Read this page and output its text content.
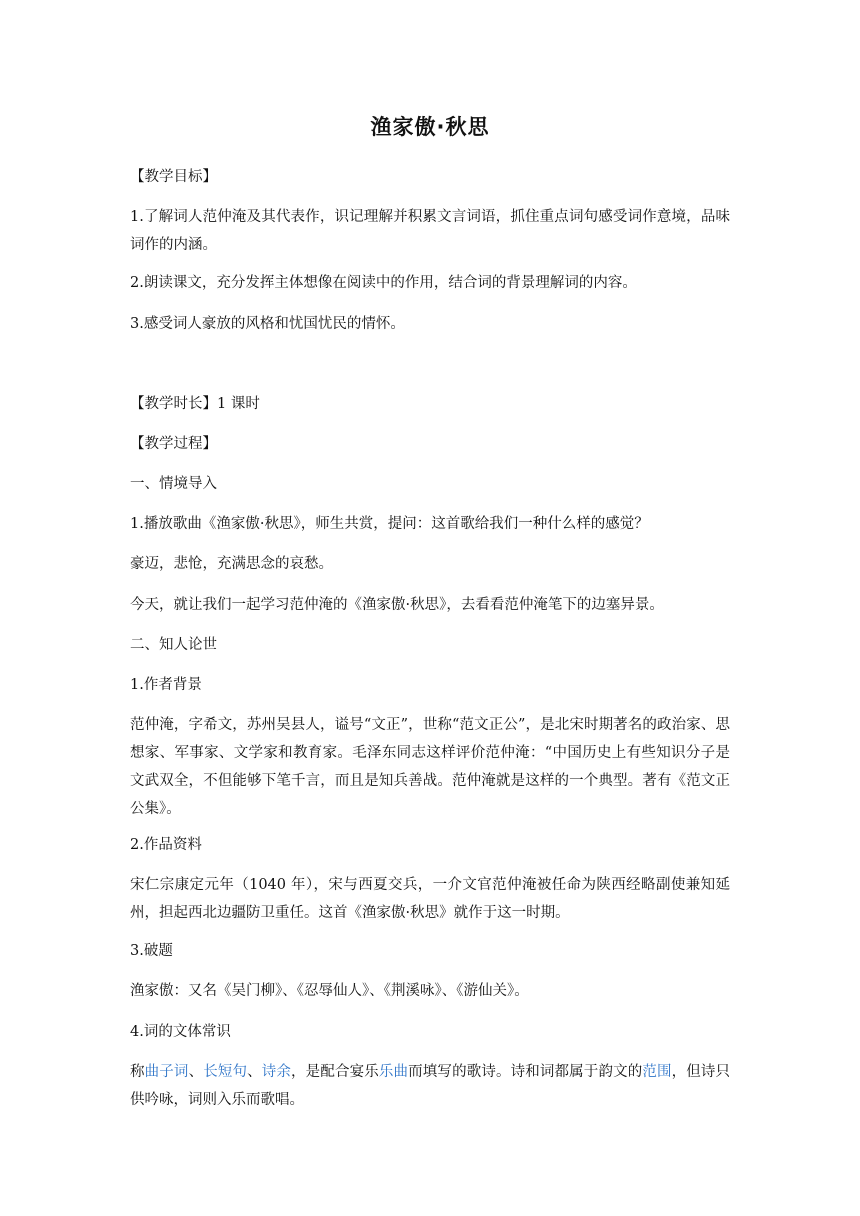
渔家傲·秋思
【教学目标】
1.了解词人范仲淹及其代表作，识记理解并积累文言词语，抓住重点词句感受词作意境，品味词作的内涵。
2.朗读课文，充分发挥主体想像在阅读中的作用，结合词的背景理解词的内容。
3.感受词人豪放的风格和忧国忧民的情怀。
【教学时长】1 课时
【教学过程】
一、情境导入
1.播放歌曲《渔家傲·秋思》，师生共赏，提问：这首歌给我们一种什么样的感觉？
豪迈，悲怆，充满思念的哀愁。
今天，就让我们一起学习范仲淹的《渔家傲·秋思》，去看看范仲淹笔下的边塞异景。
二、知人论世
1.作者背景
范仲淹，字希文，苏州吴县人，谥号“文正”，世称“范文正公”，是北宋时期著名的政治家、思想家、军事家、文学家和教育家。毛泽东同志这样评价范仲淹：“中国历史上有些知识分子是文武双全，不但能够下笔千言，而且是知兵善战。范仲淹就是这样的一个典型。著有《范文正公集》。
2.作品资料
宋仁宗康定元年（1040 年），宋与西夏交兵，一介文官范仲淹被任命为陕西经略副使兼知延州，担起西北边疆防卫重任。这首《渔家傲·秋思》就作于这一时期。
3.破题
渔家傲：又名《吴门柳》、《忍辱仙人》、《荆溪咏》、《游仙关》。
4.词的文体常识
称曲子词、长短句、诗余，是配合宴乐乐曲而填写的歌诗。诗和词都属于韵文的范围，但诗只供吟咏，词则入乐而歌唱。
